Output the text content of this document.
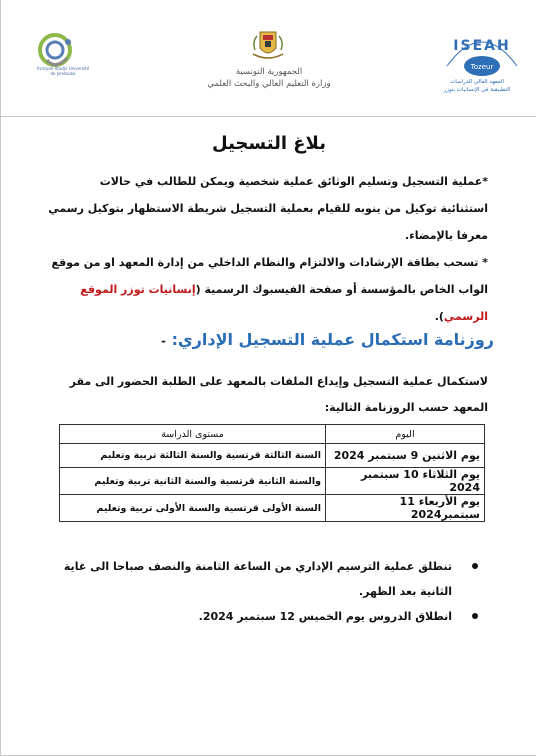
Aziziyah Atadjir Université de Jendouba	الجمهورية التونسية
وزارة التعليم العالي والبحث العلمي
ISEAH
Tozeur
المعهد العالي للدراسات
التطبيقية في الإنسانيات بتوزر
بلاغ التسجيل
*عملية التسجيل وتسليم الوثائق عملية شخصية ويمكن للطالب في حالات
استثنائية توكيل من ينوبه للقيام بعملية التسجيل شريطة الاستظهار بتوكيل رسمي
معرفا بالإمضاء.
* تسحب بطاقة الإرشادات والالتزام والنظام الداخلي من إدارة المعهد او من موقع
الواب الخاص بالمؤسسة أو صفحة الفيسبوك الرسمية (إنسانيات توزر الموقع
الرسمي).
روزنامة استكمال عملية التسجيل الإداري: -
لاستكمال عملية التسجيل وإيداع الملفات بالمعهد على الطلبة الحضور الى مقر
المعهد حسب الروزنامة التالية:
اليوم	مستوى الدراسة
يوم الاثنين 9 سبتمبر 2024	السنة الثالثة قرتسية والسنة الثالثة تربية وتعليم
يوم الثلاثاء 10 سبتمبر 2024	والسنة الثانية قرتسية والسنة الثانية تربية وتعليم
يوم الأربعاء 11 سبتمبر2024	السنة الأولى قرتسية والسنة الأولى تربية وتعليم
تنطلق عملية الترسيم الإداري من الساعة الثامنة والنصف صباحا الى غاية
الثانية بعد الظهر.
انطلاق الدروس يوم الخميس 12 سبتمبر 2024.
